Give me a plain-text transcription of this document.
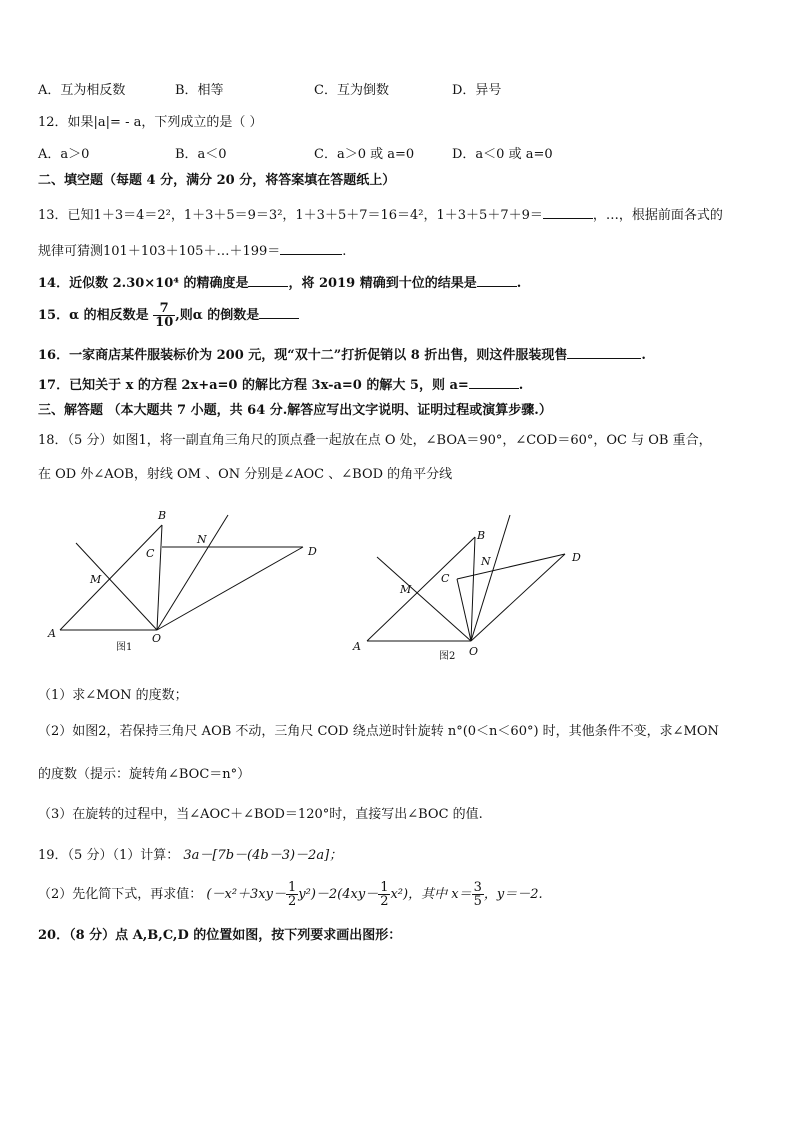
A．互为相反数	B．相等	C．互为倒数	D．异号
12．如果|a|= - a，下列成立的是（ ）
A．a＞0	B．a＜0	C．a＞0 或 a=0	D．a＜0 或 a=0
二、填空题（每题 4 分，满分 20 分，将答案填在答题纸上）
13．已知1＋3＝4＝2²，1＋3＋5＝9＝3²，1＋3＋5＋7＝16＝4²，1＋3＋5＋7＋9＝	，…，根据前面各式的
规律可猜测101＋103＋105＋…＋199＝	.
14．近似数 2.30×10⁴ 的精确度是	，将 2019 精确到十位的结果是	.
15．α 的相反数是 $\frac{7}{10}$ ,则α 的倒数是
16．一家商店某件服装标价为 200 元，现“双十二”打折促销以 8 折出售，则这件服装现售	.
17．已知关于 x 的方程 2x+a=0 的解比方程 3x-a=0 的解大 5，则 a=	.
三、解答题 （本大题共 7 小题，共 64 分.解答应写出文字说明、证明过程或演算步骤.）
18．（5 分）如图1，将一副直角三角尺的顶点叠一起放在点 O 处，∠BOA＝90°，∠COD＝60°，OC 与 OB 重合，
在 OD 外∠AOB，射线 OM 、ON 分别是∠AOC 、∠BOD 的角平分线
A
B
C	D
M
N
O
图1	A
B
C
D
M
N
O
图2
（1）求∠MON 的度数；
（2）如图2，若保持三角尺 AOB 不动，三角尺 COD 绕点逆时针旋转 n°(0＜n＜60°) 时，其他条件不变，求∠MON
的度数（提示：旋转角∠BOC＝n°）
（3）在旋转的过程中，当∠AOC＋∠BOD＝120°时，直接写出∠BOC 的值.
19．（5 分）（1）计算： 3a－[7b－(4b－3)－2a]；
（2）先化简下式，再求值： $(-x^2+3xy- \frac{1}{2} y^2)-2(4xy- \frac{1}{2} x^2)$，其中 $x= \frac{3}{5}$ ，y＝－2.
20．（8 分）点 A,B,C,D 的位置如图，按下列要求画出图形：
